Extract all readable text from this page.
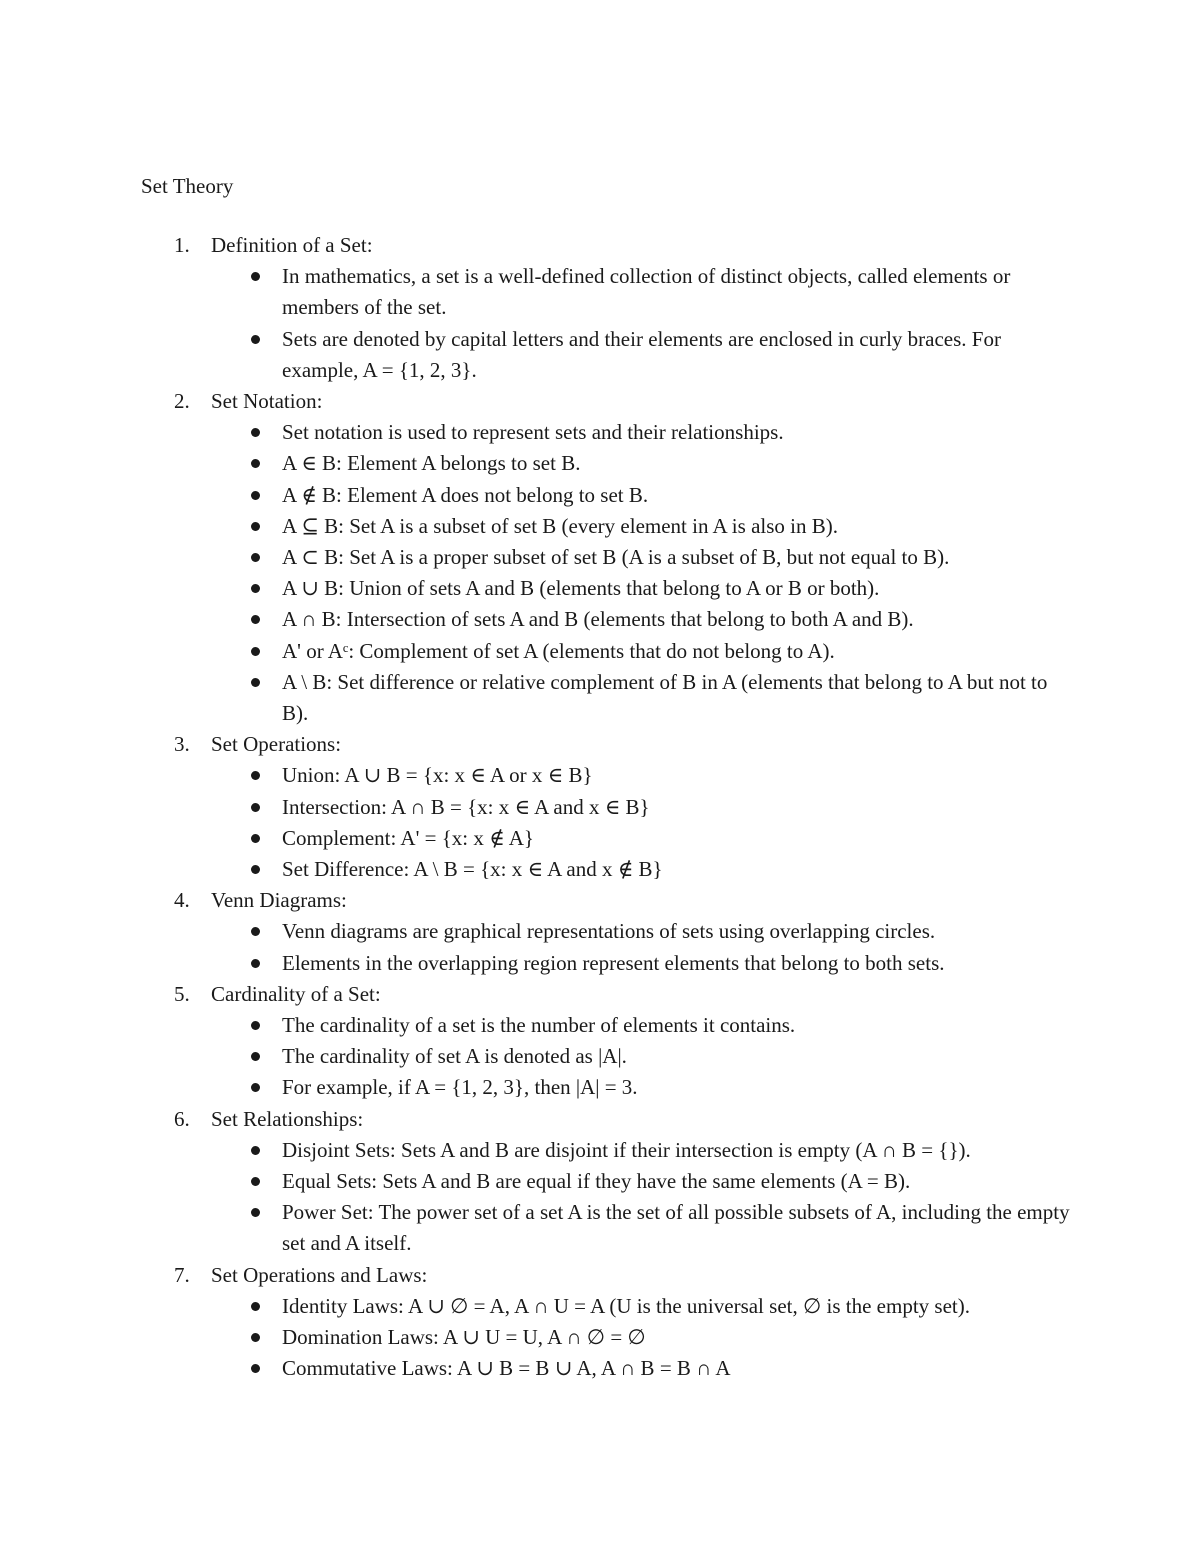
Set Theory
1. Definition of a Set:
In mathematics, a set is a well-defined collection of distinct objects, called elements or members of the set.
Sets are denoted by capital letters and their elements are enclosed in curly braces. For example, A = {1, 2, 3}.
2. Set Notation:
Set notation is used to represent sets and their relationships.
A ∈ B: Element A belongs to set B.
A ∉ B: Element A does not belong to set B.
A ⊆ B: Set A is a subset of set B (every element in A is also in B).
A ⊂ B: Set A is a proper subset of set B (A is a subset of B, but not equal to B).
A ∪ B: Union of sets A and B (elements that belong to A or B or both).
A ∩ B: Intersection of sets A and B (elements that belong to both A and B).
A' or Aᶜ: Complement of set A (elements that do not belong to A).
A \ B: Set difference or relative complement of B in A (elements that belong to A but not to B).
3. Set Operations:
Union: A ∪ B = {x: x ∈ A or x ∈ B}
Intersection: A ∩ B = {x: x ∈ A and x ∈ B}
Complement: A' = {x: x ∉ A}
Set Difference: A \ B = {x: x ∈ A and x ∉ B}
4. Venn Diagrams:
Venn diagrams are graphical representations of sets using overlapping circles.
Elements in the overlapping region represent elements that belong to both sets.
5. Cardinality of a Set:
The cardinality of a set is the number of elements it contains.
The cardinality of set A is denoted as |A|.
For example, if A = {1, 2, 3}, then |A| = 3.
6. Set Relationships:
Disjoint Sets: Sets A and B are disjoint if their intersection is empty (A ∩ B = {}).
Equal Sets: Sets A and B are equal if they have the same elements (A = B).
Power Set: The power set of a set A is the set of all possible subsets of A, including the empty set and A itself.
7. Set Operations and Laws:
Identity Laws: A ∪ ∅ = A, A ∩ U = A (U is the universal set, ∅ is the empty set).
Domination Laws: A ∪ U = U, A ∩ ∅ = ∅
Commutative Laws: A ∪ B = B ∪ A, A ∩ B = B ∩ A
